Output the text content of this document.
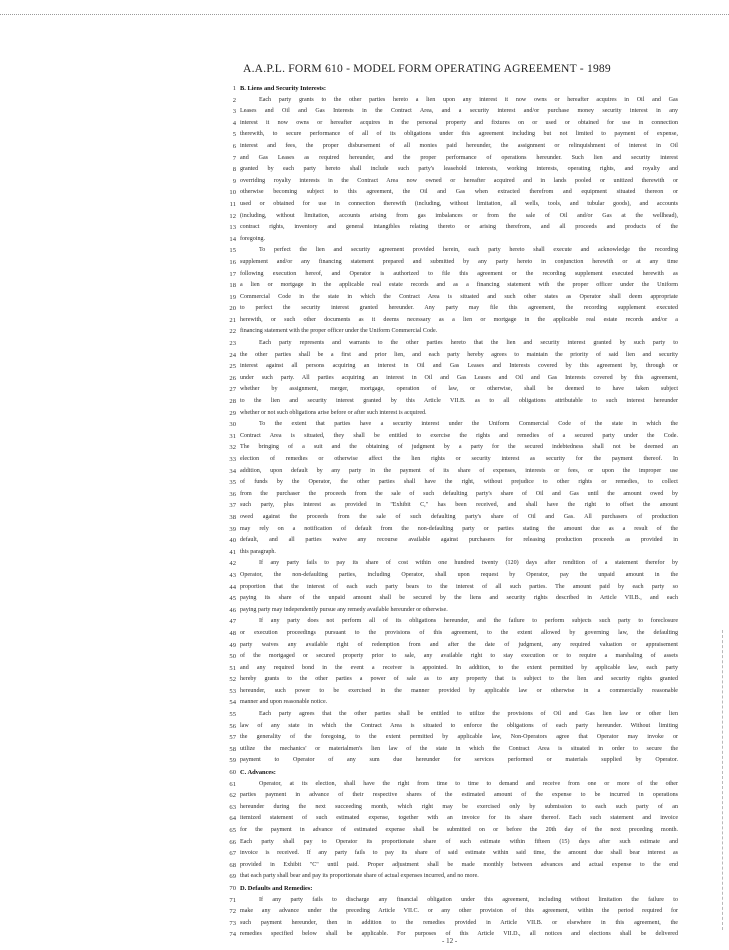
A.A.P.L. FORM 610 - MODEL FORM OPERATING AGREEMENT - 1989
1 B. Liens and Security Interests:
2	Each party grants to the other parties hereto a lien upon any interest it now owns or hereafter acquires in Oil and Gas
3 Leases and Oil and Gas Interests in the Contract Area, and a security interest and/or purchase money security interest in any
4 interest it now owns or hereafter acquires in the personal property and fixtures on or used or obtained for use in connection
5 therewith, to secure performance of all of its obligations under this agreement including but not limited to payment of expense,
6 interest and fees, the proper disbursement of all monies paid hereunder, the assignment or relinquishment of interest in Oil
7 and Gas Leases as required hereunder, and the proper performance of operations hereunder. Such lien and security interest
8 granted by each party hereto shall include such party's leasehold interests, working interests, operating rights, and royalty and
9 overriding royalty interests in the Contract Area now owned or hereafter acquired and in lands pooled or unitized therewith or
10 otherwise becoming subject to this agreement, the Oil and Gas when extracted therefrom and equipment situated thereon or
11 used or obtained for use in connection therewith (including, without limitation, all wells, tools, and tubular goods), and accounts
12 (including, without limitation, accounts arising from gas imbalances or from the sale of Oil and/or Gas at the wellhead),
13 contract rights, inventory and general intangibles relating thereto or arising therefrom, and all proceeds and products of the
14 foregoing.
15	To perfect the lien and security agreement provided herein, each party hereto shall execute and acknowledge the recording
16 supplement and/or any financing statement prepared and submitted by any party hereto in conjunction herewith or at any time
17 following execution hereof, and Operator is authorized to file this agreement or the recording supplement executed herewith as
18 a lien or mortgage in the applicable real estate records and as a financing statement with the proper officer under the Uniform
19 Commercial Code in the state in which the Contract Area is situated and such other states as Operator shall deem appropriate
20 to perfect the security interest granted hereunder. Any party may file this agreement, the recording supplement executed
21 herewith, or such other documents as it deems necessary as a lien or mortgage in the applicable real estate records and/or a
22 financing statement with the proper officer under the Uniform Commercial Code.
23	Each party represents and warrants to the other parties hereto that the lien and security interest granted by such party to
24 the other parties shall be a first and prior lien, and each party hereby agrees to maintain the priority of said lien and security
25 interest against all persons acquiring an interest in Oil and Gas Leases and Interests covered by this agreement by, through or
26 under such party. All parties acquiring an interest in Oil and Gas Leases and Oil and Gas Interests covered by this agreement,
27 whether by assignment, merger, mortgage, operation of law, or otherwise, shall be deemed to have taken subject
28 to the lien and security interest granted by this Article VII.B. as to all obligations attributable to such interest hereunder
29 whether or not such obligations arise before or after such interest is acquired.
30	To the extent that parties have a security interest under the Uniform Commercial Code of the state in which the
31 Contract Area is situated, they shall be entitled to exercise the rights and remedies of a secured party under the Code.
32 The bringing of a suit and the obtaining of judgment by a party for the secured indebtedness shall not be deemed an
33 election of remedies or otherwise affect the lien rights or security interest as security for the payment thereof. In
34 addition, upon default by any party in the payment of its share of expenses, interests or fees, or upon the improper use
35 of funds by the Operator, the other parties shall have the right, without prejudice to other rights or remedies, to collect
36 from the purchaser the proceeds from the sale of such defaulting party's share of Oil and Gas until the amount owed by
37 such party, plus interest as provided in "Exhibit C," has been received, and shall have the right to offset the amount
38 owed against the proceeds from the sale of such defaulting party's share of Oil and Gas. All purchasers of production
39 may rely on a notification of default from the non-defaulting party or parties stating the amount due as a result of the
40 default, and all parties waive any recourse available against purchasers for releasing production proceeds as provided in
41 this paragraph.
42	If any party fails to pay its share of cost within one hundred twenty (120) days after rendition of a statement therefor by
43 Operator, the non-defaulting parties, including Operator, shall upon request by Operator, pay the unpaid amount in the
44 proportion that the interest of each such party bears to the interest of all such parties. The amount paid by each party so
45 paying its share of the unpaid amount shall be secured by the liens and security rights described in Article VII.B., and each
46 paying party may independently pursue any remedy available hereunder or otherwise.
47	If any party does not perform all of its obligations hereunder, and the failure to perform subjects such party to foreclosure
48 or execution proceedings pursuant to the provisions of this agreement, to the extent allowed by governing law, the defaulting
49 party waives any available right of redemption from and after the date of judgment, any required valuation or appraisement
50 of the mortgaged or secured property prior to sale, any available right to stay execution or to require a marshaling of assets
51 and any required bond in the event a receiver is appointed. In addition, to the extent permitted by applicable law, each party
52 hereby grants to the other parties a power of sale as to any property that is subject to the lien and security rights granted
53 hereunder, such power to be exercised in the manner provided by applicable law or otherwise in a commercially reasonable
54 manner and upon reasonable notice.
55	Each party agrees that the other parties shall be entitled to utilize the provisions of Oil and Gas lien law or other lien
56 law of any state in which the Contract Area is situated to enforce the obligations of each party hereunder. Without limiting
57 the generality of the foregoing, to the extent permitted by applicable law, Non-Operators agree that Operator may invoke or
58 utilize the mechanics' or materialmen's lien law of the state in which the Contract Area is situated in order to secure the
59 payment to Operator of any sum due hereunder for services performed or materials supplied by Operator.
60 C. Advances:
61	Operator, at its election, shall have the right from time to time to demand and receive from one or more of the other
62 parties payment in advance of their respective shares of the estimated amount of the expense to be incurred in operations
63 hereunder during the next succeeding month, which right may be exercised only by submission to each such party of an
64 itemized statement of such estimated expense, together with an invoice for its share thereof. Each such statement and invoice
65 for the payment in advance of estimated expense shall be submitted on or before the 20th day of the next preceding month.
66 Each party shall pay to Operator its proportionate share of such estimate within fifteen (15) days after such estimate and
67 invoice is received. If any party fails to pay its share of said estimate within said time, the amount due shall bear interest as
68 provided in Exhibit "C" until paid. Proper adjustment shall be made monthly between advances and actual expense to the end
69 that each party shall bear and pay its proportionate share of actual expenses incurred, and no more.
70 D. Defaults and Remedies:
71	If any party fails to discharge any financial obligation under this agreement, including without limitation the failure to
72 make any advance under the preceding Article VII.C. or any other provision of this agreement, within the period required for
73 such payment hereunder, then in addition to the remedies provided in Article VII.B. or elsewhere in this agreement, the
74 remedies specified below shall be applicable. For purposes of this Article VII.D., all notices and elections shall be delivered
- 12 -
